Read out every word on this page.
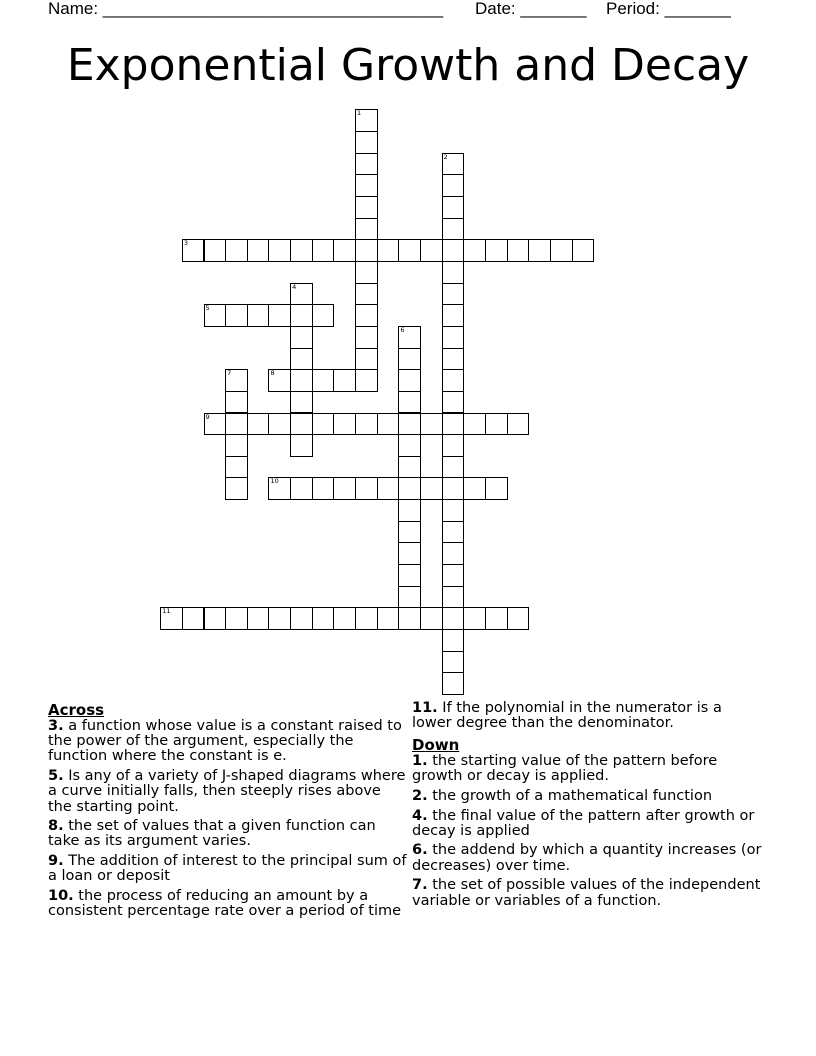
Name: ____________________________________ Date: _______ Period: _______
Exponential Growth and Decay
1
2
3
4
5
6
7	8
9
10
11
Across
3. a function whose value is a constant raised to the power of the argument, especially the function where the constant is e.
5. Is any of a variety of J-shaped diagrams where a curve initially falls, then steeply rises above the starting point.
8. the set of values that a given function can take as its argument varies.
9. The addition of interest to the principal sum of a loan or deposit
10. the process of reducing an amount by a consistent percentage rate over a period of time
11. If the polynomial in the numerator is a lower degree than the denominator.
Down
1. the starting value of the pattern before growth or decay is applied.
2. the growth of a mathematical function
4. the final value of the pattern after growth or decay is applied
6. the addend by which a quantity increases (or decreases) over time.
7. the set of possible values of the independent variable or variables of a function.
